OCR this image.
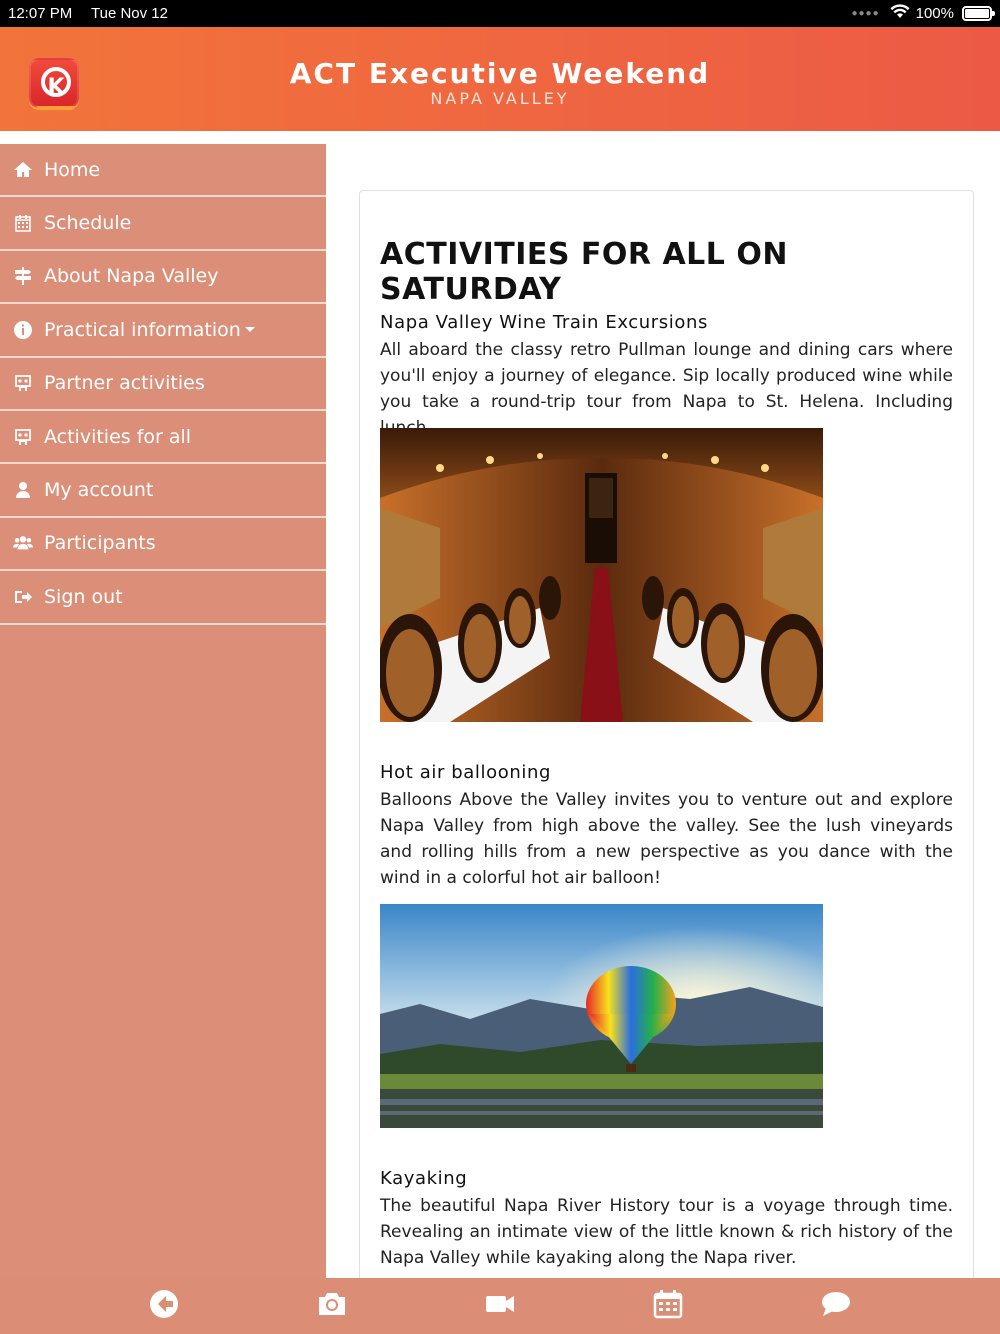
12:07 PM Tue Nov 12	●●●● 100%
K	ACT Executive Weekend
NAPA VALLEY
Home
Schedule
About Napa Valley
Practical information
Partner activities
Activities for all
My account
Participants
Sign out
ACTIVITIES FOR ALL ON SATURDAY
Napa Valley Wine Train Excursions

All aboard the classy retro Pullman lounge and dining cars where you'll enjoy a journey of elegance. Sip locally produced wine while you take a round-trip tour from Napa to St. Helena. Including

Hot air ballooning

Balloons Above the Valley invites you to venture out and explore Napa Valley from high above the valley. See the lush vineyards and rolling hills from a new perspective as you dance with the wind in a colorful hot air balloon!

Kayaking

The beautiful Napa River History tour is a voyage through time. Revealing an intimate view of the little known & rich history of the Napa Valley while kayaking along the Napa river.
